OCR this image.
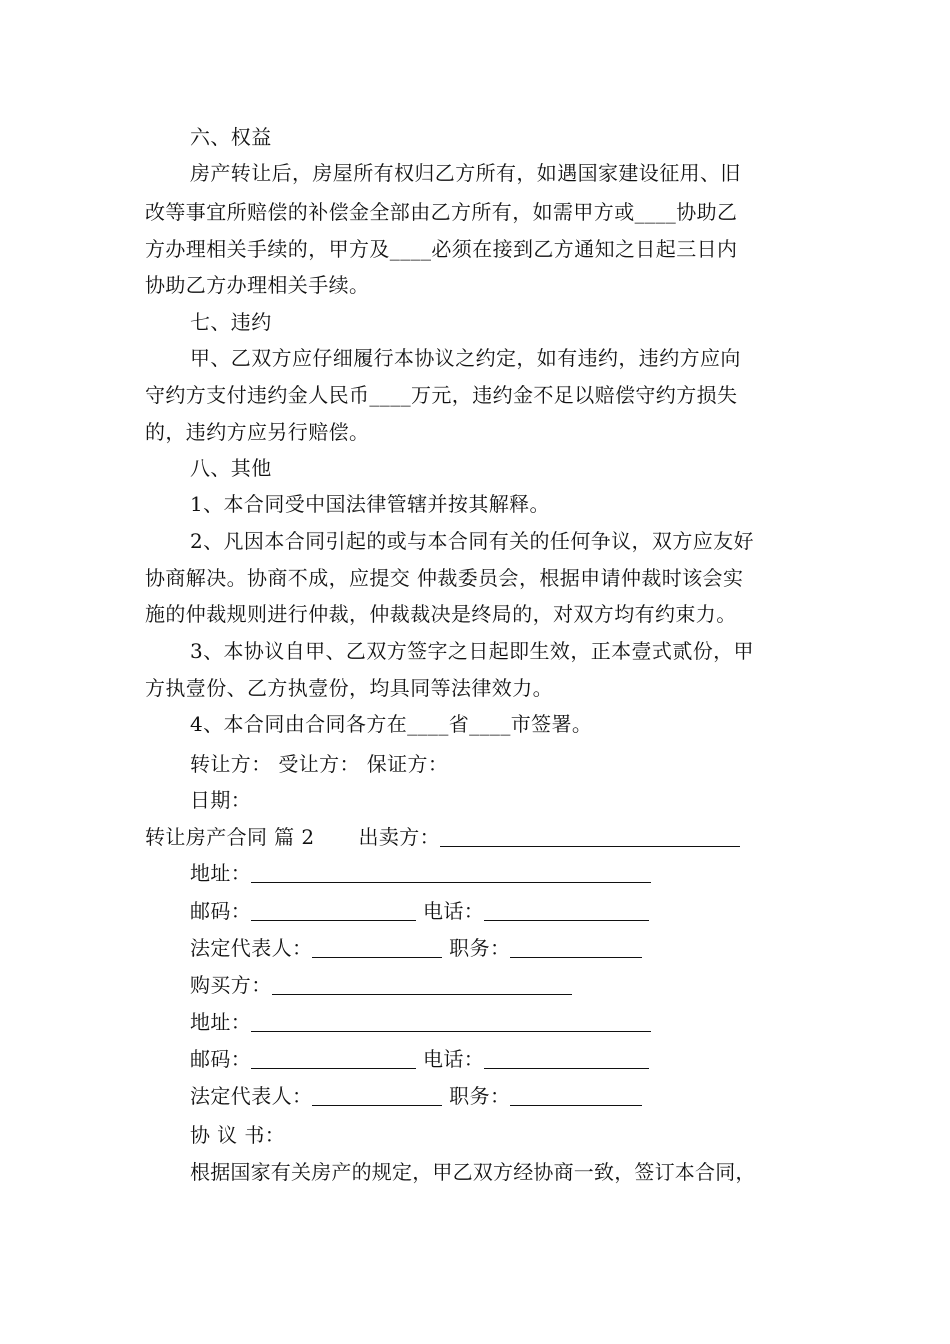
六、权益
房产转让后，房屋所有权归乙方所有，如遇国家建设征用、旧
改等事宜所赔偿的补偿金全部由乙方所有，如需甲方或____协助乙
方办理相关手续的，甲方及____必须在接到乙方通知之日起三日内
协助乙方办理相关手续。
七、违约
甲、乙双方应仔细履行本协议之约定，如有违约，违约方应向
守约方支付违约金人民币____万元，违约金不足以赔偿守约方损失
的，违约方应另行赔偿。
八、其他
1、本合同受中国法律管辖并按其解释。
2、凡因本合同引起的或与本合同有关的任何争议，双方应友好
协商解决。协商不成，应提交 仲裁委员会，根据申请仲裁时该会实
施的仲裁规则进行仲裁，仲裁裁决是终局的，对双方均有约束力。
3、本协议自甲、乙双方签字之日起即生效，正本壹式贰份，甲
方执壹份、乙方执壹份，均具同等法律效力。
4、本合同由合同各方在____省____市签署。
转让方： 受让方： 保证方：
日期：
转让房产合同 篇 2 出卖方：
地址：
邮码：	电话：
法定代表人：	职务：
购买方：
地址：
邮码：	电话：
法定代表人：	职务：
协 议 书：
根据国家有关房产的规定，甲乙双方经协商一致，签订本合同，
